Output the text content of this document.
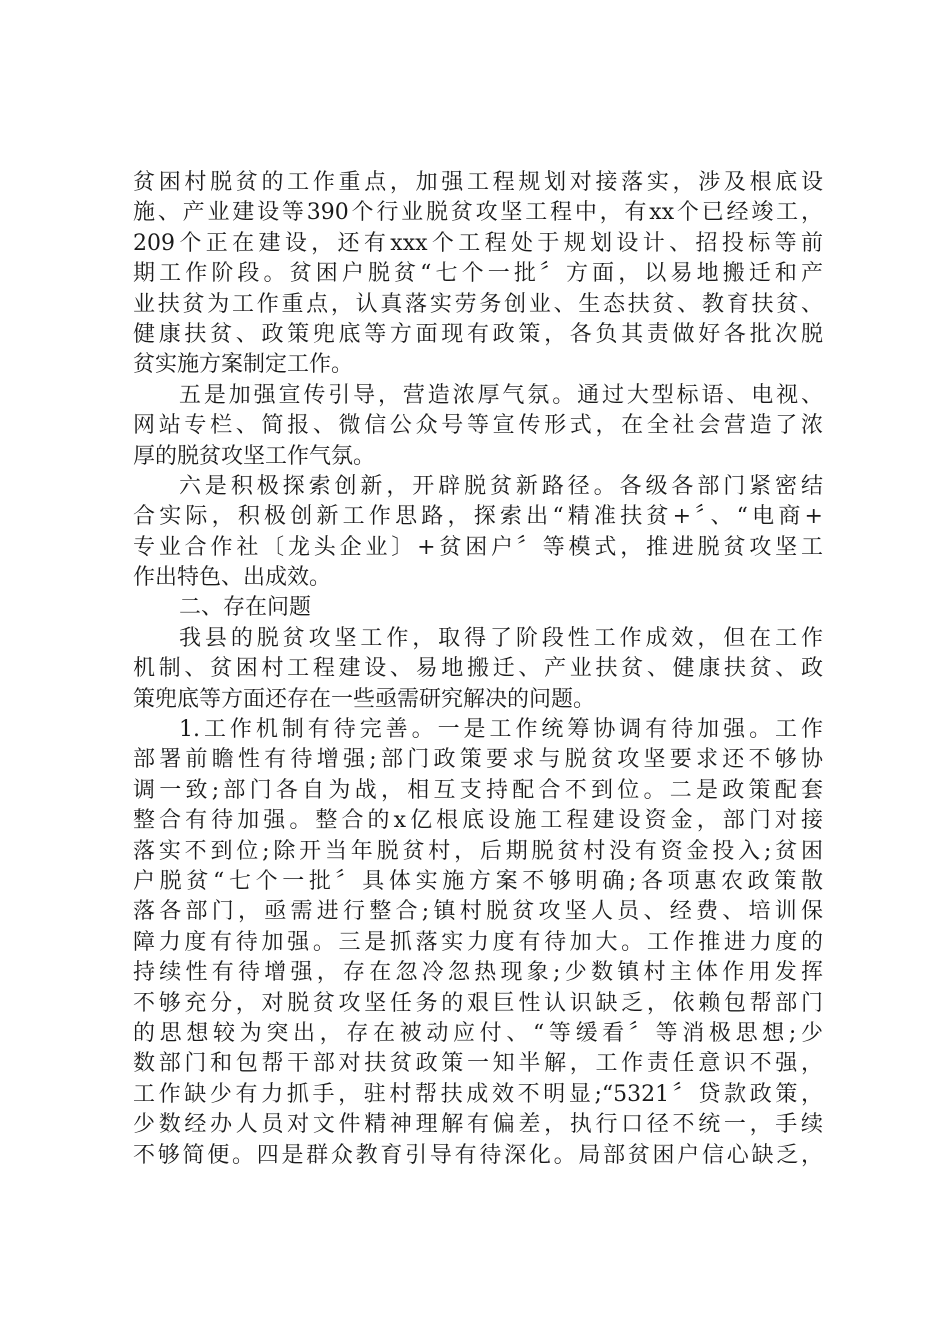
贫困村脱贫的工作重点，加强工程规划对接落实，涉及根底设
施、产业建设等390个行业脱贫攻坚工程中，有xx个已经竣工，
209个正在建设，还有xxx个工程处于规划设计、招投标等前
期工作阶段。贫困户脱贫“七个一批〞方面，以易地搬迁和产
业扶贫为工作重点，认真落实劳务创业、生态扶贫、教育扶贫、
健康扶贫、政策兜底等方面现有政策，各负其责做好各批次脱
贫实施方案制定工作。
五是加强宣传引导，营造浓厚气氛。通过大型标语、电视、
网站专栏、简报、微信公众号等宣传形式，在全社会营造了浓
厚的脱贫攻坚工作气氛。
六是积极探索创新，开辟脱贫新路径。各级各部门紧密结
合实际，积极创新工作思路，探索出“精准扶贫+〞、“电商+
专业合作社〔龙头企业〕+贫困户〞等模式，推进脱贫攻坚工
作出特色、出成效。
二、存在问题
我县的脱贫攻坚工作，取得了阶段性工作成效，但在工作
机制、贫困村工程建设、易地搬迁、产业扶贫、健康扶贫、政
策兜底等方面还存在一些亟需研究解决的问题。
1.工作机制有待完善。一是工作统筹协调有待加强。工作
部署前瞻性有待增强;部门政策要求与脱贫攻坚要求还不够协
调一致;部门各自为战，相互支持配合不到位。二是政策配套
整合有待加强。整合的x亿根底设施工程建设资金，部门对接
落实不到位;除开当年脱贫村，后期脱贫村没有资金投入;贫困
户脱贫“七个一批〞具体实施方案不够明确;各项惠农政策散
落各部门，亟需进行整合;镇村脱贫攻坚人员、经费、培训保
障力度有待加强。三是抓落实力度有待加大。工作推进力度的
持续性有待增强，存在忽冷忽热现象;少数镇村主体作用发挥
不够充分，对脱贫攻坚任务的艰巨性认识缺乏，依赖包帮部门
的思想较为突出，存在被动应付、“等缓看〞等消极思想;少
数部门和包帮干部对扶贫政策一知半解，工作责任意识不强，
工作缺少有力抓手，驻村帮扶成效不明显;“5321〞贷款政策，
少数经办人员对文件精神理解有偏差，执行口径不统一，手续
不够简便。四是群众教育引导有待深化。局部贫困户信心缺乏，
